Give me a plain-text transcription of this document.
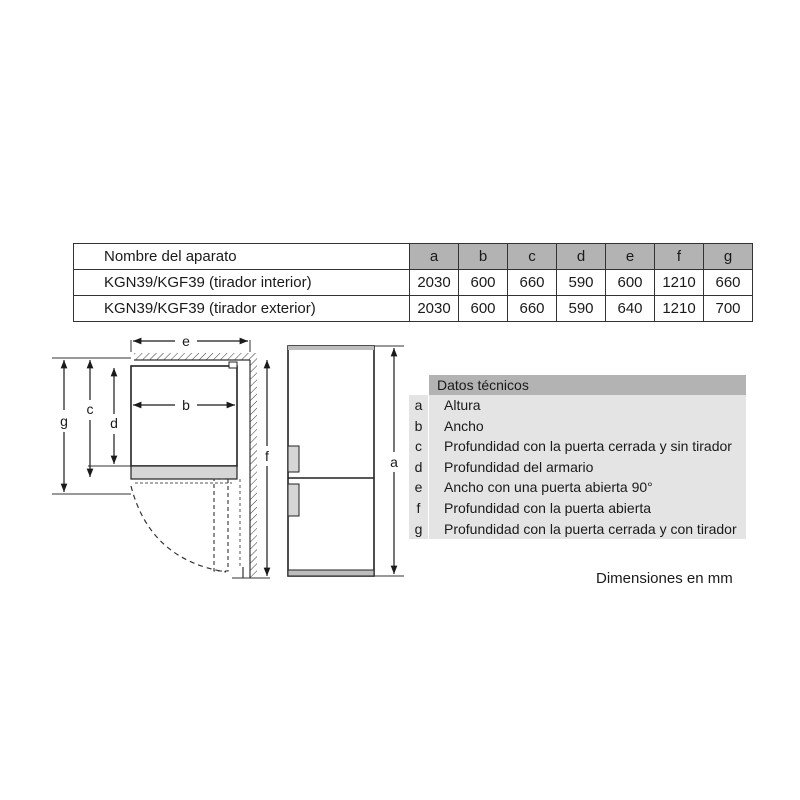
Nombre del aparato	a	b	c	d	e	f	g
KGN39/KGF39 (tirador interior)	2030	600	660	590	600	1210	660
KGN39/KGF39 (tirador exterior)	2030	600	660	590	640	1210	700
e
b
g
c
d
f	a
Datos técnicos
a	Altura
b	Ancho
c	Profundidad con la puerta cerrada y sin tirador
d	Profundidad del armario
e	Ancho con una puerta abierta 90°
f	Profundidad con la puerta abierta
g	Profundidad con la puerta cerrada y con tirador
Dimensiones en mm
